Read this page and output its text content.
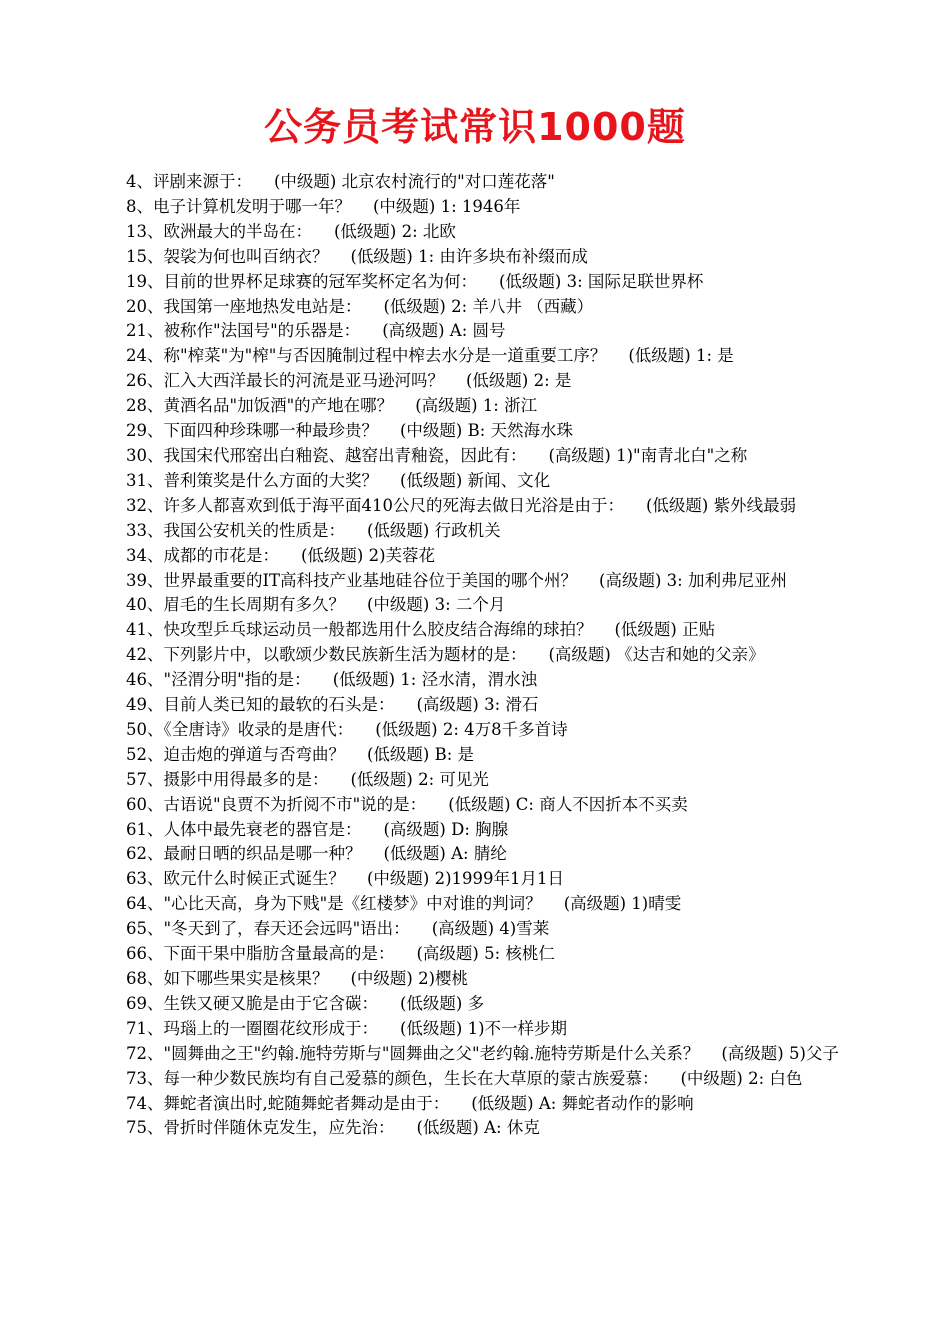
公务员考试常识1000题
4、评剧来源于： (中级题) 北京农村流行的"对口莲花落"
8、电子计算机发明于哪一年？ (中级题) 1: 1946年
13、欧洲最大的半岛在： (低级题) 2: 北欧
15、袈裟为何也叫百纳衣？ (低级题) 1: 由许多块布补缀而成
19、目前的世界杯足球赛的冠军奖杯定名为何： (低级题) 3: 国际足联世界杯
20、我国第一座地热发电站是： (低级题) 2: 羊八井 （西藏）
21、被称作"法国号"的乐器是： (高级题) A: 圆号
24、称"榨菜"为"榨"与否因腌制过程中榨去水分是一道重要工序？ (低级题) 1: 是
26、汇入大西洋最长的河流是亚马逊河吗？ (低级题) 2: 是
28、黄酒名品"加饭酒"的产地在哪？ (高级题) 1: 浙江
29、下面四种珍珠哪一种最珍贵？ (中级题) B: 天然海水珠
30、我国宋代邢窑出白釉瓷、越窑出青釉瓷，因此有： (高级题) 1)"南青北白"之称
31、普利策奖是什么方面的大奖？ (低级题) 新闻、文化
32、许多人都喜欢到低于海平面410公尺的死海去做日光浴是由于： (低级题) 紫外线最弱
33、我国公安机关的性质是： (低级题) 行政机关
34、成都的市花是： (低级题) 2)芙蓉花
39、世界最重要的IT高科技产业基地硅谷位于美国的哪个州？ (高级题) 3: 加利弗尼亚州
40、眉毛的生长周期有多久？ (中级题) 3: 二个月
41、快攻型乒乓球运动员一般都选用什么胶皮结合海绵的球拍？ (低级题) 正贴
42、下列影片中，以歌颂少数民族新生活为题材的是： (高级题) 《达吉和她的父亲》
46、"泾渭分明"指的是： (低级题) 1: 泾水清，渭水浊
49、目前人类已知的最软的石头是： (高级题) 3: 滑石
50、《全唐诗》收录的是唐代： (低级题) 2: 4万8千多首诗
52、迫击炮的弹道与否弯曲？ (低级题) B: 是
57、摄影中用得最多的是： (低级题) 2: 可见光
60、古语说"良贾不为折阅不市"说的是： (低级题) C: 商人不因折本不买卖
61、人体中最先衰老的器官是： (高级题) D: 胸腺
62、最耐日晒的织品是哪一种？ (低级题) A: 腈纶
63、欧元什么时候正式诞生？ (中级题) 2)1999年1月1日
64、"心比天高，身为下贱"是《红楼梦》中对谁的判词？ (高级题) 1)晴雯
65、"冬天到了，春天还会远吗"语出： (高级题) 4)雪莱
66、下面干果中脂肪含量最高的是： (高级题) 5: 核桃仁
68、如下哪些果实是核果？ (中级题) 2)樱桃
69、生铁又硬又脆是由于它含碳： (低级题) 多
71、玛瑙上的一圈圈花纹形成于： (低级题) 1)不一样步期
72、"圆舞曲之王"约翰.施特劳斯与"圆舞曲之父"老约翰.施特劳斯是什么关系？ (高级题) 5)父子
73、每一种少数民族均有自己爱慕的颜色，生长在大草原的蒙古族爱慕： (中级题) 2: 白色
74、舞蛇者演出时,蛇随舞蛇者舞动是由于： (低级题) A: 舞蛇者动作的影响
75、骨折时伴随休克发生，应先治： (低级题) A: 休克
